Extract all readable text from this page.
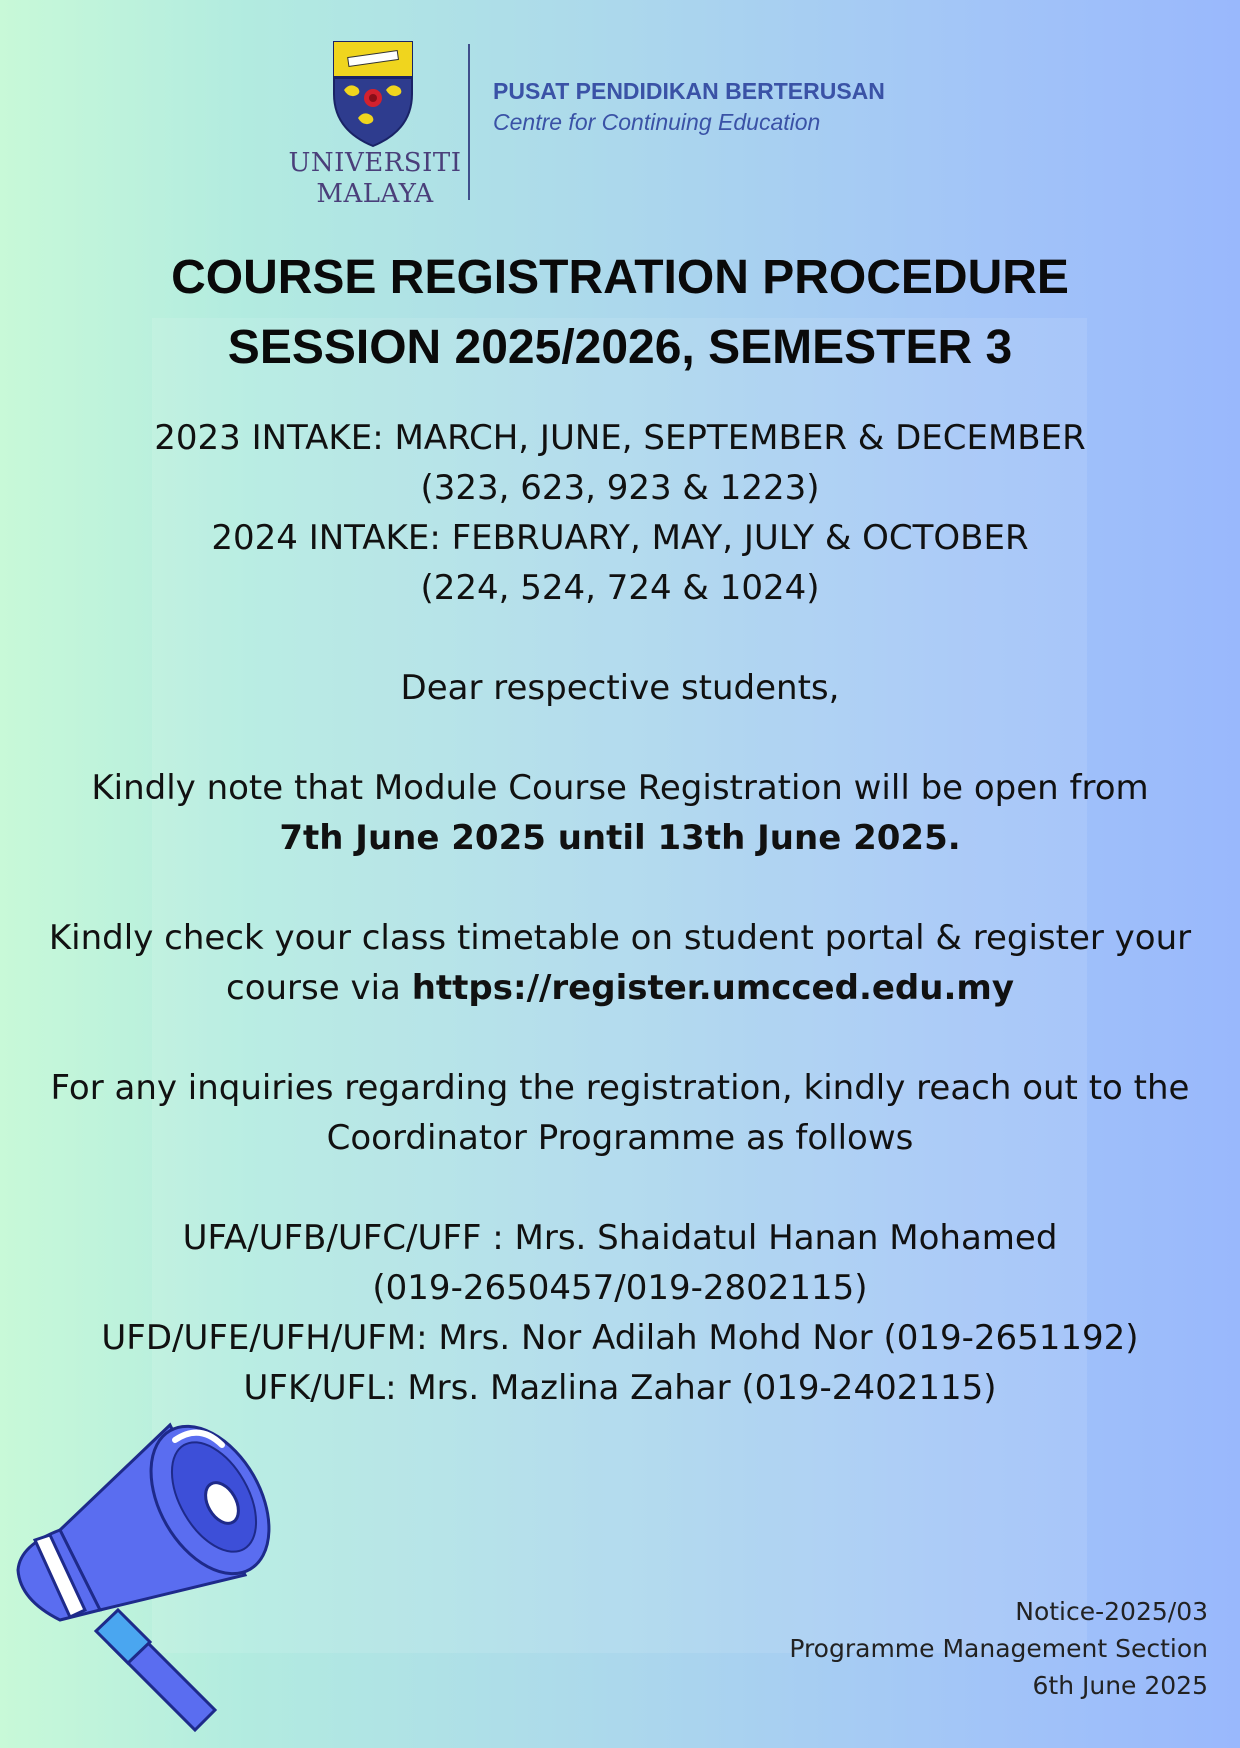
UNIVERSITI
MALAYA
PUSAT PENDIDIKAN BERTERUSAN
Centre for Continuing Education
COURSE REGISTRATION PROCEDURE
SESSION 2025/2026, SEMESTER 3
2023 INTAKE: MARCH, JUNE, SEPTEMBER & DECEMBER
(323, 623, 923 & 1223)
2024 INTAKE: FEBRUARY, MAY, JULY & OCTOBER
(224, 524, 724 & 1024)
Dear respective students,
Kindly note that Module Course Registration will be open from
7th June 2025 until 13th June 2025.
Kindly check your class timetable on student portal & register your
course via https://register.umcced.edu.my
For any inquiries regarding the registration, kindly reach out to the
Coordinator Programme as follows
UFA/UFB/UFC/UFF : Mrs. Shaidatul Hanan Mohamed
(019-2650457/019-2802115)
UFD/UFE/UFH/UFM: Mrs. Nor Adilah Mohd Nor (019-2651192)
UFK/UFL: Mrs. Mazlina Zahar (019-2402115)
Notice-2025/03
Programme Management Section
6th June 2025
